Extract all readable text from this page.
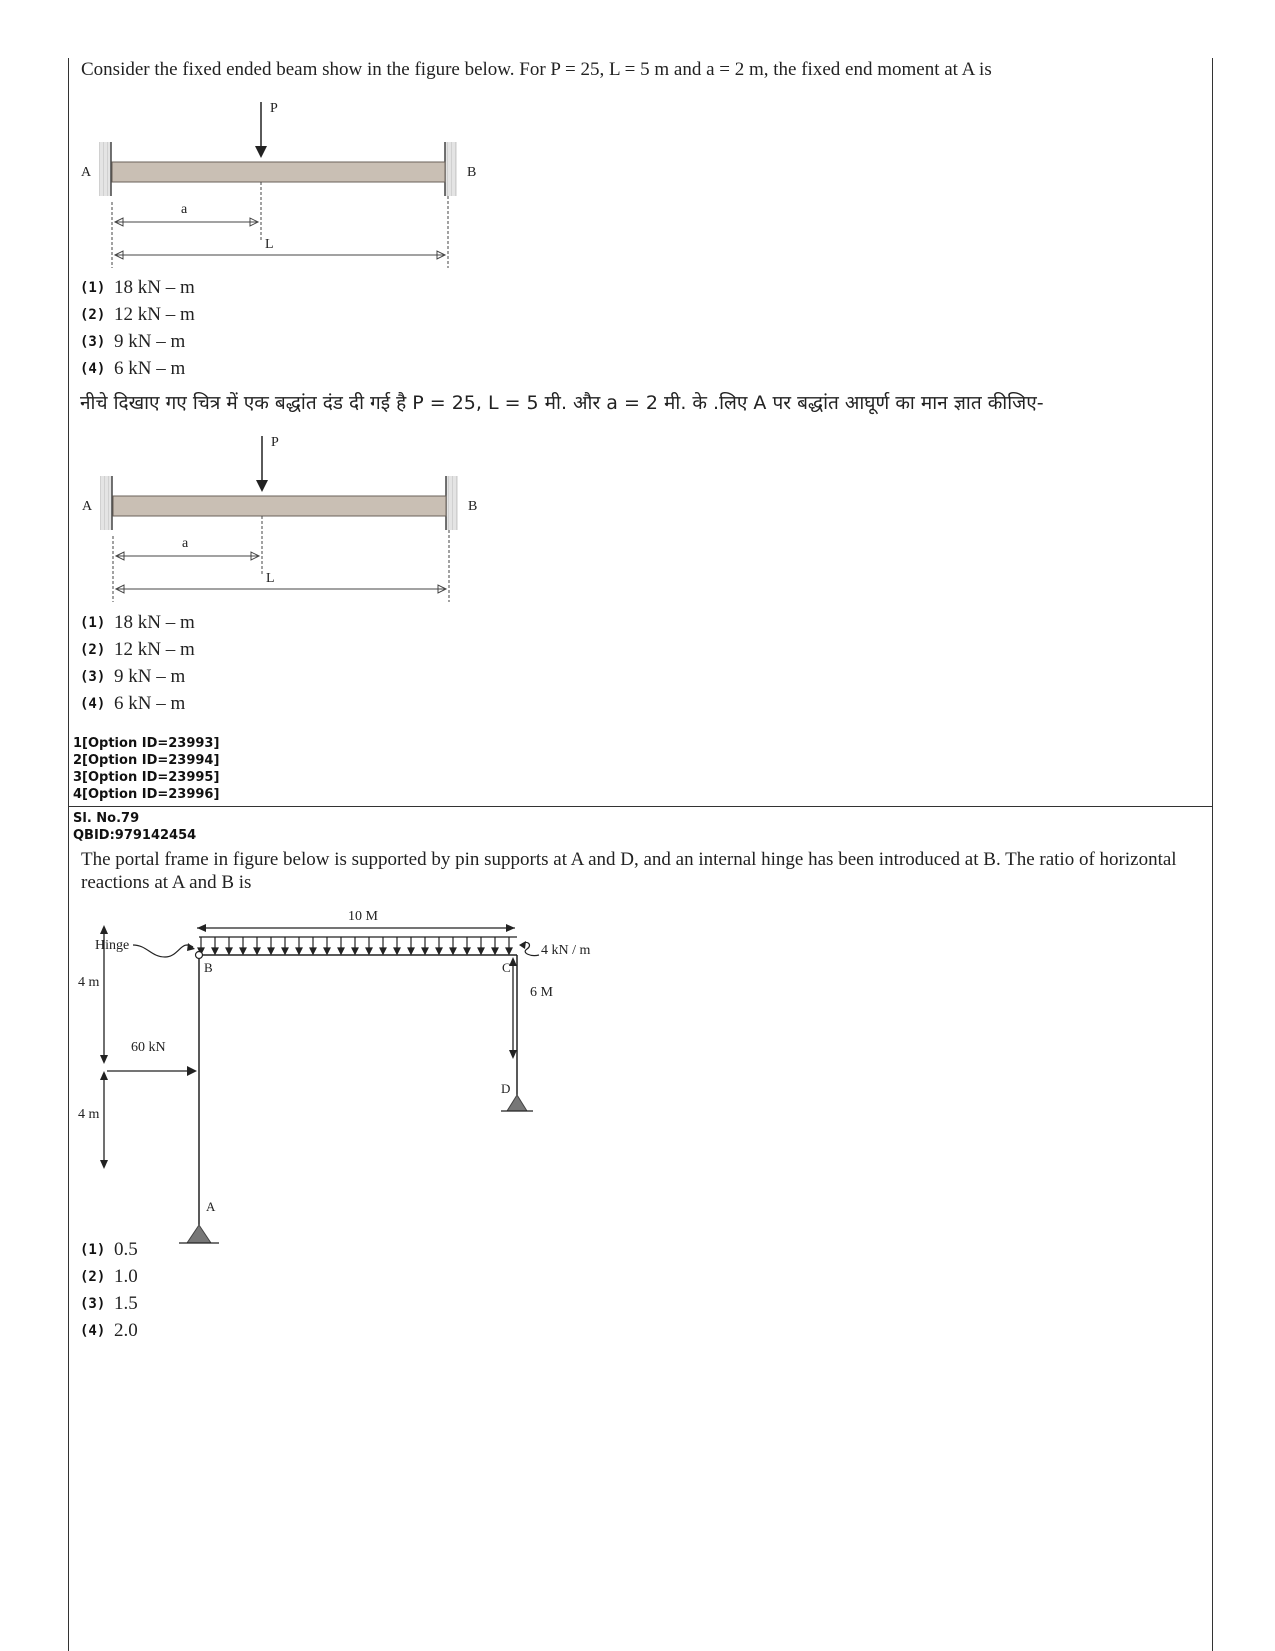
Consider the fixed ended beam show in the figure below. For P = 25, L = 5 m and a = 2 m, the fixed end moment at A is
P
A	B
a
L
(1) 18 kN – m
(2) 12 kN – m
(3) 9 kN – m
(4) 6 kN – m
नीचे दिखाए गए चित्र में एक बद्धांत दंड दी गई है P = 25, L = 5 मी. और a = 2 मी. के .लिए A पर बद्धांत आघूर्ण का मान ज्ञात कीजिए-
P
A	B
a
L
(1) 18 kN – m
(2) 12 kN – m
(3) 9 kN – m
(4) 6 kN – m
1[Option ID=23993]
2[Option ID=23994]
3[Option ID=23995]
4[Option ID=23996]
Sl. No.79
QBID:979142454
The portal frame in figure below is supported by pin supports at A and D, and an internal hinge has been introduced at B. The ratio of horizontal reactions at A and B is
10 M
B	C
D
A
Hinge	4 kN / m
6 M
4 m
4 m
60 kN
(1) 0.5
(2) 1.0
(3) 1.5
(4) 2.0
